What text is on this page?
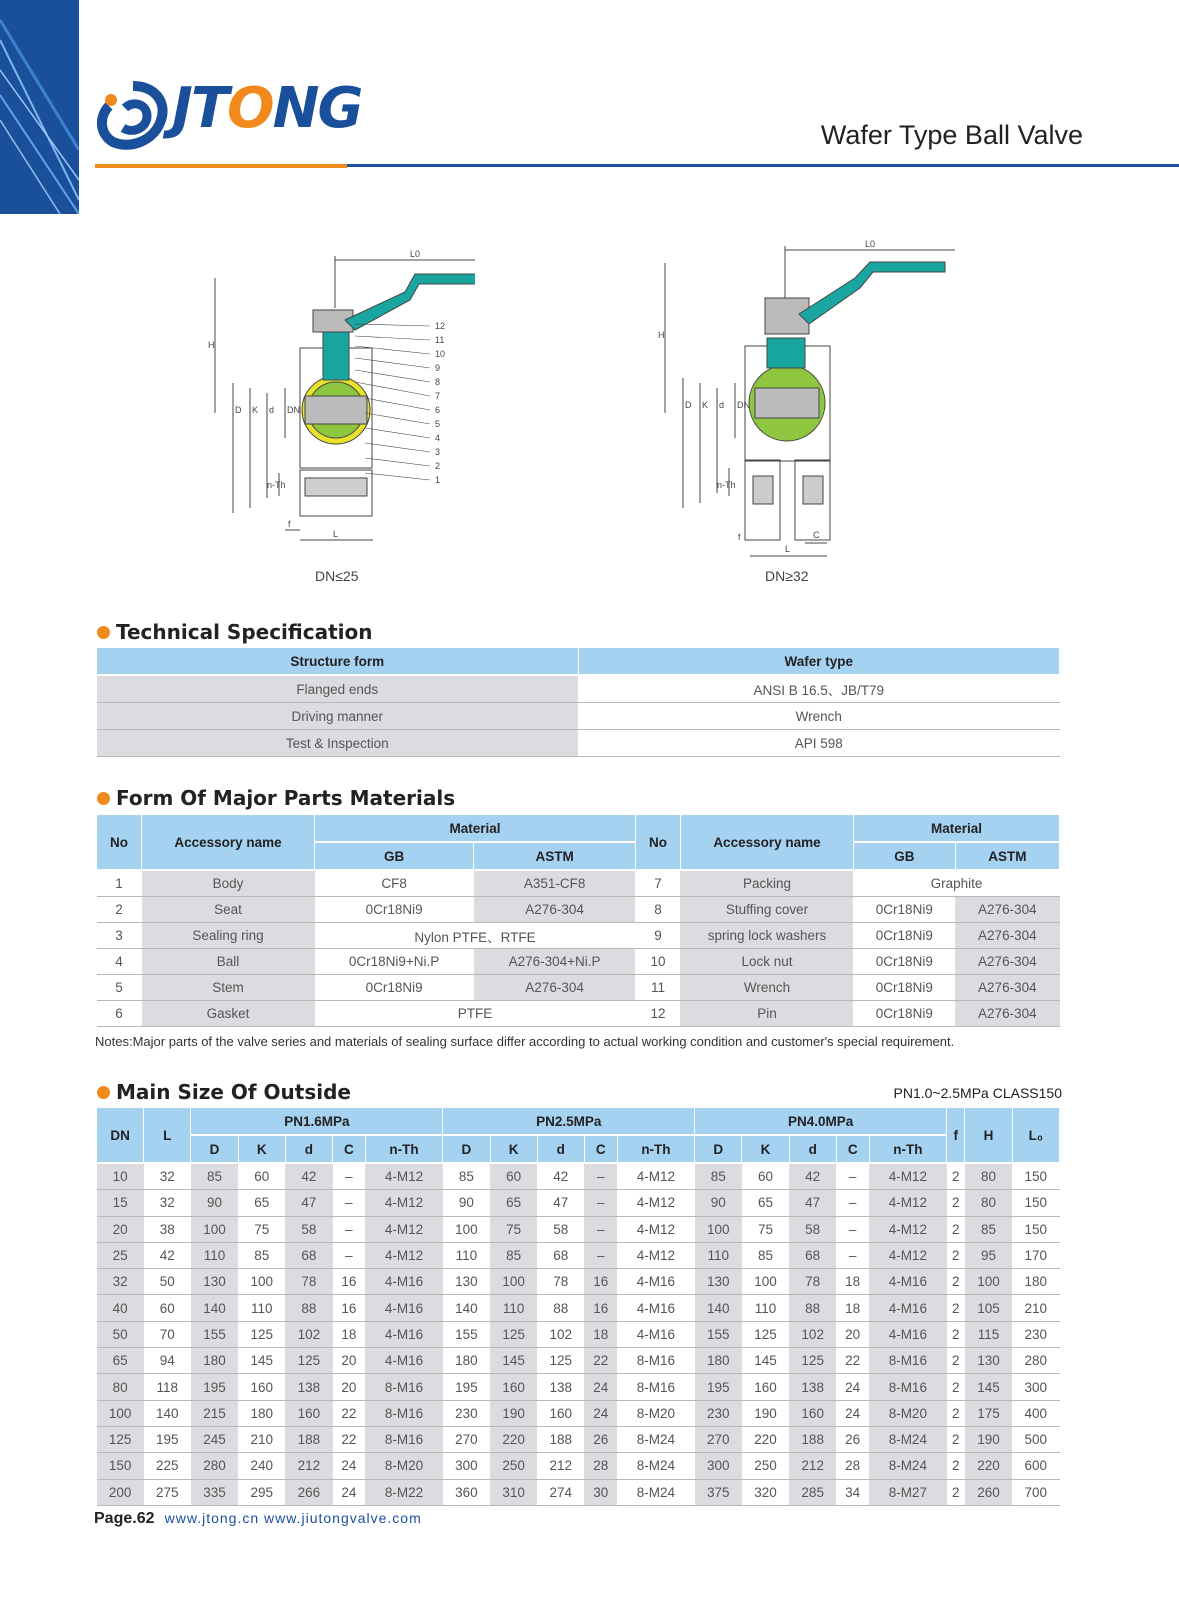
JTONG	Wafer Type Ball Valve
12
11
10
9
8
7
6
5
4
3
2
1
L0
H
D K d DN
n-Th
f
L
DN≤25
L0
H
D K d DN
n-Th
f	C
L
DN≥32
Technical Specification
Structure form	Wafer type
Flanged ends	ANSI B 16.5、JB/T79
Driving manner	Wrench
Test & Inspection	API 598
Form Of Major Parts Materials
No	Accessory name	Material		No	Accessory name	Material	
		GB	ASTM			GB	ASTM
1	Body	CF8	A351-CF8	7	Packing	Graphite	
2	Seat	0Cr18Ni9	A276-304	8	Stuffing cover	0Cr18Ni9	A276-304
3	Sealing ring	Nylon PTFE、RTFE		9	spring lock washers	0Cr18Ni9	A276-304
4	Ball	0Cr18Ni9+Ni.P	A276-304+Ni.P	10	Lock nut	0Cr18Ni9	A276-304
5	Stem	0Cr18Ni9	A276-304	11	Wrench	0Cr18Ni9	A276-304
6	Gasket	PTFE		12	Pin	0Cr18Ni9	A276-304
Notes:Major parts of the valve series and materials of sealing surface differ according to actual working condition and customer's special requirement.
Main Size Of Outside	PN1.0~2.5MPa CLASS150
DN	L	PN1.6MPa					PN2.5MPa					PN4.0MPa					f	H	L₀
		D	K	d	C	n-Th	D	K	d	C	n-Th	D	K	d	C	n-Th			
10	32	85	60	42	–	4-M12	85	60	42	–	4-M12	85	60	42	–	4-M12	2	80	150
15	32	90	65	47	–	4-M12	90	65	47	–	4-M12	90	65	47	–	4-M12	2	80	150
20	38	100	75	58	–	4-M12	100	75	58	–	4-M12	100	75	58	–	4-M12	2	85	150
25	42	110	85	68	–	4-M12	110	85	68	–	4-M12	110	85	68	–	4-M12	2	95	170
32	50	130	100	78	16	4-M16	130	100	78	16	4-M16	130	100	78	18	4-M16	2	100	180
40	60	140	110	88	16	4-M16	140	110	88	16	4-M16	140	110	88	18	4-M16	2	105	210
50	70	155	125	102	18	4-M16	155	125	102	18	4-M16	155	125	102	20	4-M16	2	115	230
65	94	180	145	125	20	4-M16	180	145	125	22	8-M16	180	145	125	22	8-M16	2	130	280
80	118	195	160	138	20	8-M16	195	160	138	24	8-M16	195	160	138	24	8-M16	2	145	300
100	140	215	180	160	22	8-M16	230	190	160	24	8-M20	230	190	160	24	8-M20	2	175	400
125	195	245	210	188	22	8-M16	270	220	188	26	8-M24	270	220	188	26	8-M24	2	190	500
150	225	280	240	212	24	8-M20	300	250	212	28	8-M24	300	250	212	28	8-M24	2	220	600
200	275	335	295	266	24	8-M22	360	310	274	30	8-M24	375	320	285	34	8-M27	2	260	700
Page.62 www.jtong.cn www.jiutongvalve.com
